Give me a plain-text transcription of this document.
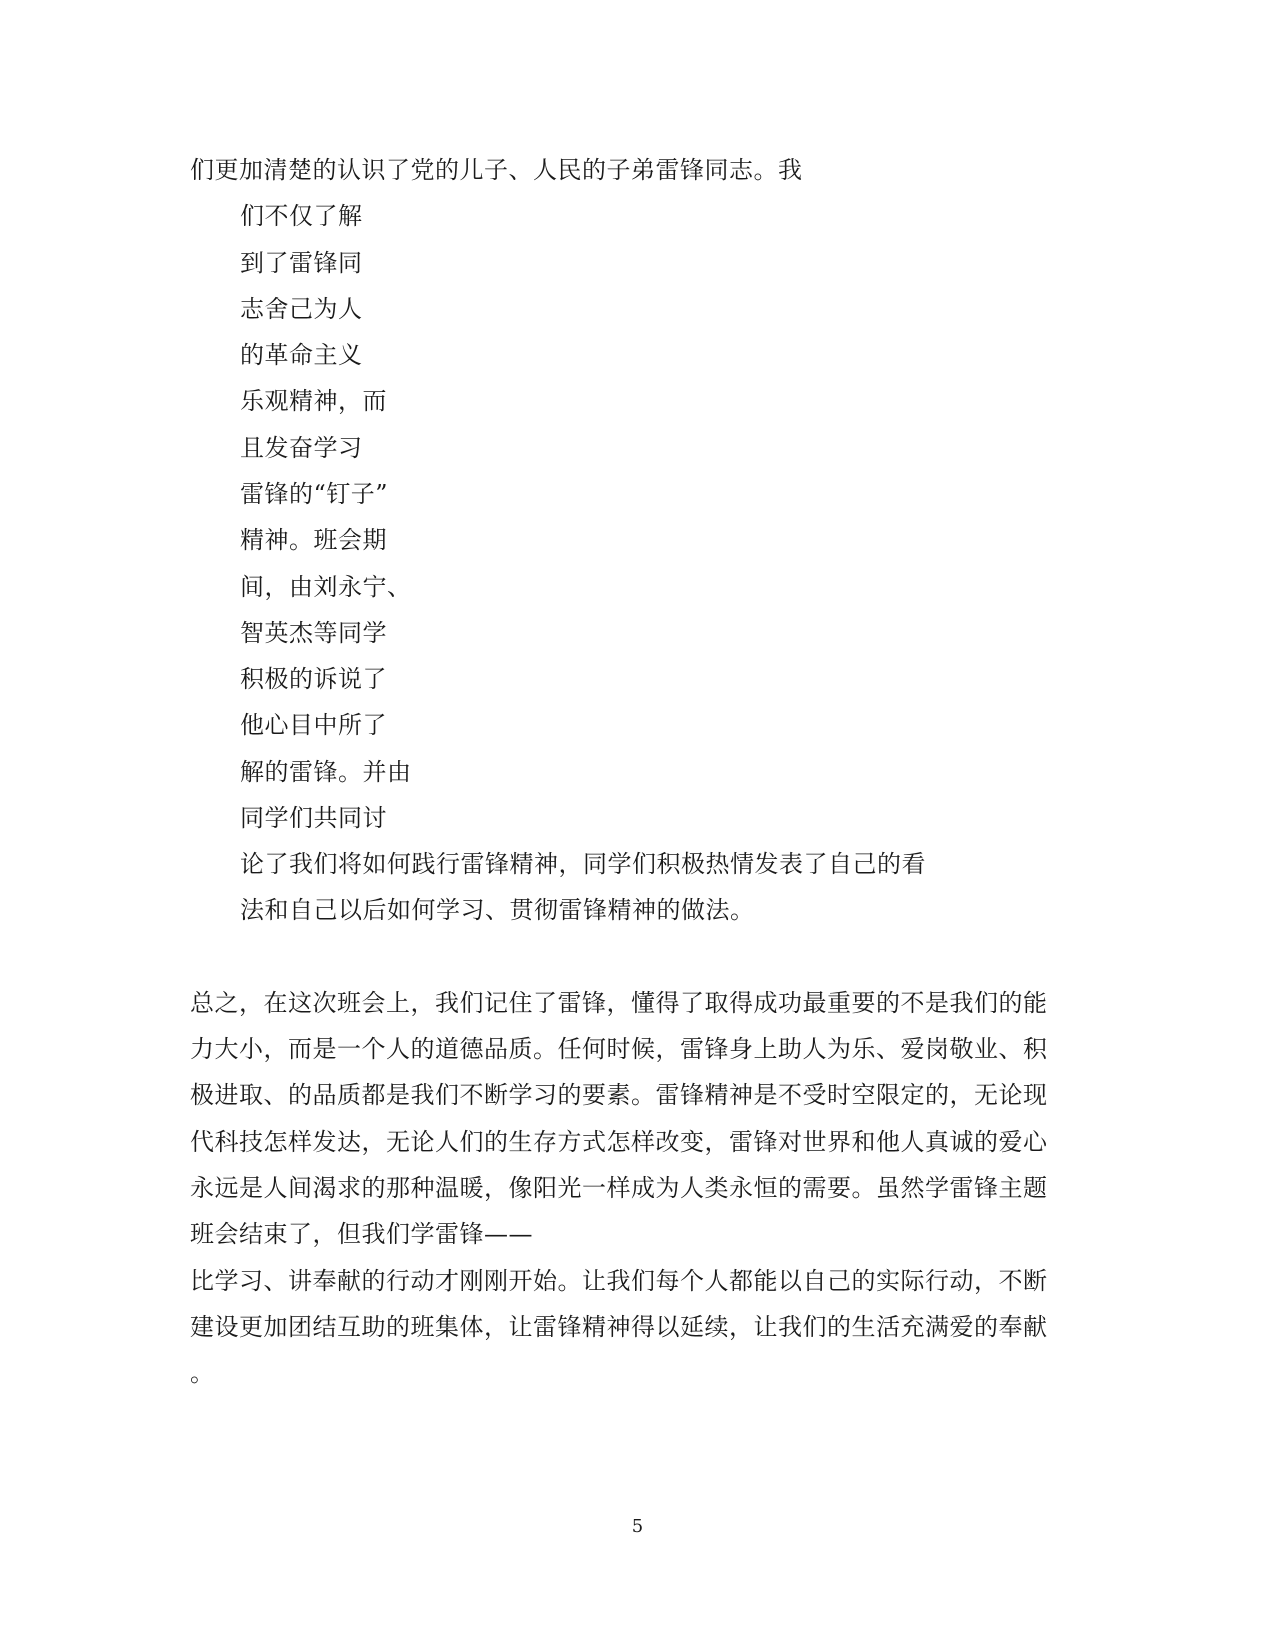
们更加清楚的认识了党的儿子、人民的子弟雷锋同志。我
们不仅了解
到了雷锋同
志舍己为人
的革命主义
乐观精神，而
且发奋学习
雷锋的“钉子”
精神。班会期
间，由刘永宁、
智英杰等同学
积极的诉说了
他心目中所了
解的雷锋。并由
同学们共同讨
论了我们将如何践行雷锋精神，同学们积极热情发表了自己的看
法和自己以后如何学习、贯彻雷锋精神的做法。
总之，在这次班会上，我们记住了雷锋，懂得了取得成功最重要的不是我们的能
力大小，而是一个人的道德品质。任何时候，雷锋身上助人为乐、爱岗敬业、积
极进取、的品质都是我们不断学习的要素。雷锋精神是不受时空限定的，无论现
代科技怎样发达，无论人们的生存方式怎样改变，雷锋对世界和他人真诚的爱心
永远是人间渴求的那种温暖，像阳光一样成为人类永恒的需要。虽然学雷锋主题
班会结束了，但我们学雷锋——
比学习、讲奉献的行动才刚刚开始。让我们每个人都能以自己的实际行动，不断
建设更加团结互助的班集体，让雷锋精神得以延续，让我们的生活充满爱的奉献
。
5
